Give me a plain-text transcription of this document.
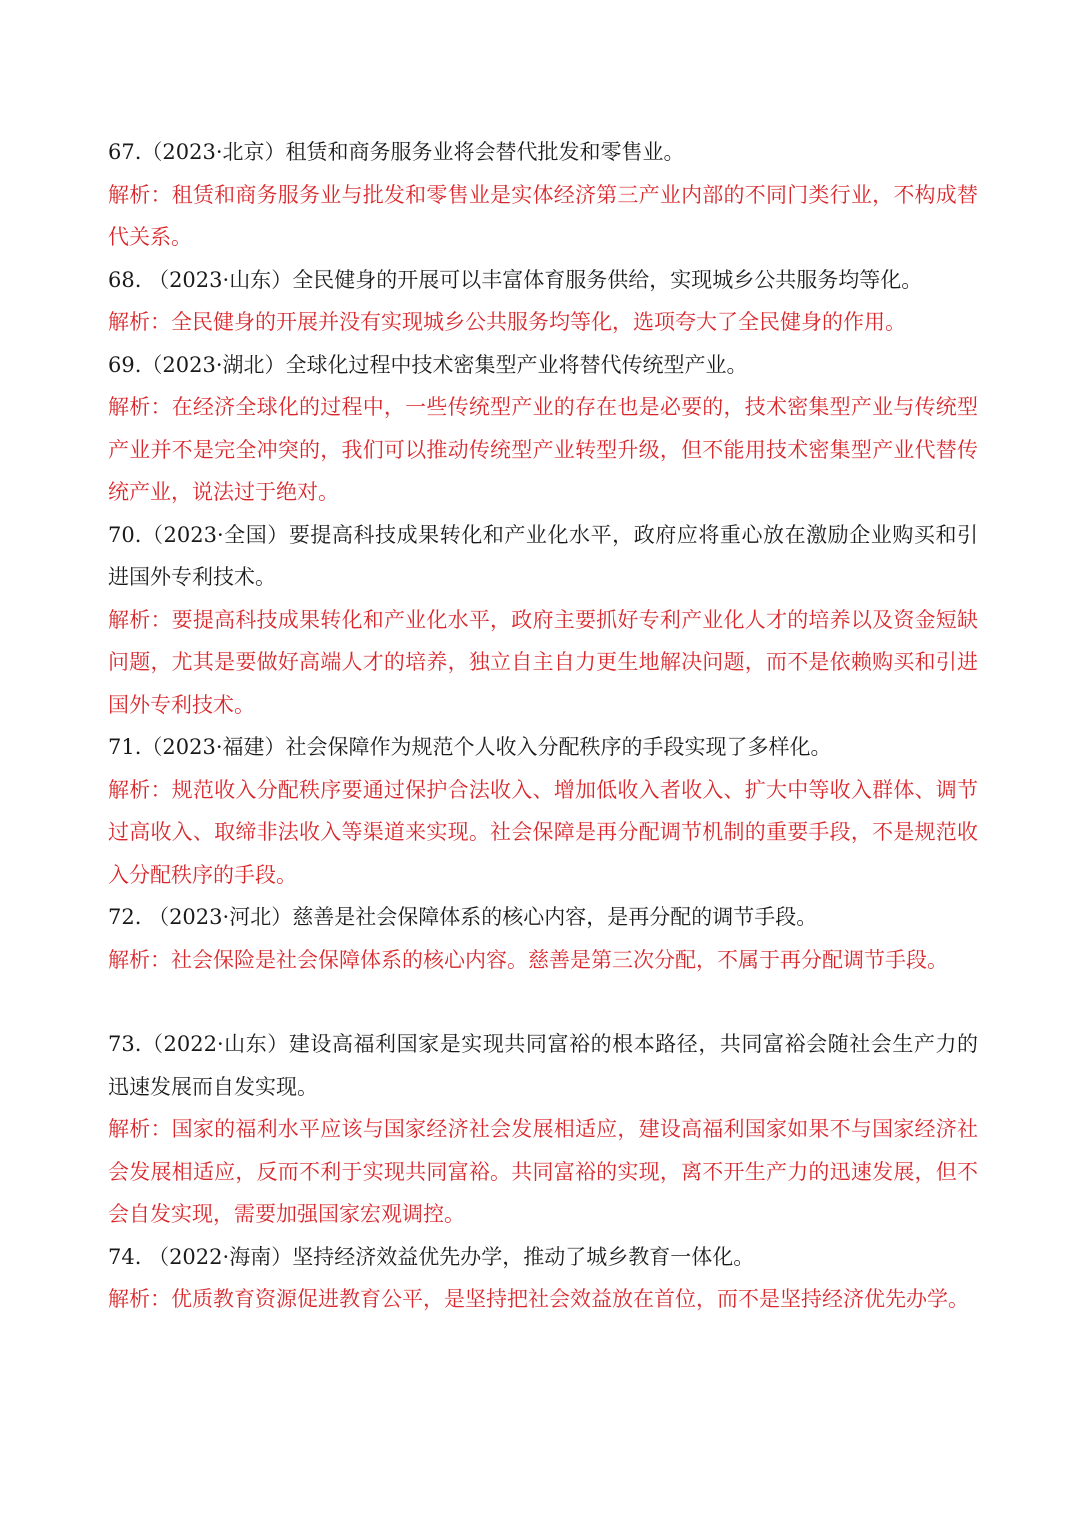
67.（2023·北京）租赁和商务服务业将会替代批发和零售业。

解析：租赁和商务服务业与批发和零售业是实体经济第三产业内部的不同门类行业，不构成替代关系。

68. （2023·山东）全民健身的开展可以丰富体育服务供给，实现城乡公共服务均等化。

解析：全民健身的开展并没有实现城乡公共服务均等化，选项夸大了全民健身的作用。

69.（2023·湖北）全球化过程中技术密集型产业将替代传统型产业。

解析：在经济全球化的过程中，一些传统型产业的存在也是必要的，技术密集型产业与传统型产业并不是完全冲突的，我们可以推动传统型产业转型升级，但不能用技术密集型产业代替传统产业，说法过于绝对。

70.（2023·全国）要提高科技成果转化和产业化水平，政府应将重心放在激励企业购买和引进国外专利技术。

解析：要提高科技成果转化和产业化水平，政府主要抓好专利产业化人才的培养以及资金短缺问题，尤其是要做好高端人才的培养，独立自主自力更生地解决问题，而不是依赖购买和引进国外专利技术。

71.（2023·福建）社会保障作为规范个人收入分配秩序的手段实现了多样化。

解析：规范收入分配秩序要通过保护合法收入、增加低收入者收入、扩大中等收入群体、调节过高收入、取缔非法收入等渠道来实现。社会保障是再分配调节机制的重要手段，不是规范收入分配秩序的手段。

72. （2023·河北）慈善是社会保障体系的核心内容，是再分配的调节手段。

解析：社会保险是社会保障体系的核心内容。慈善是第三次分配，不属于再分配调节手段。

73.（2022·山东）建设高福利国家是实现共同富裕的根本路径，共同富裕会随社会生产力的迅速发展而自发实现。

解析：国家的福利水平应该与国家经济社会发展相适应，建设高福利国家如果不与国家经济社会发展相适应，反而不利于实现共同富裕。共同富裕的实现，离不开生产力的迅速发展，但不会自发实现，需要加强国家宏观调控。

74. （2022·海南）坚持经济效益优先办学，推动了城乡教育一体化。

解析：优质教育资源促进教育公平，是坚持把社会效益放在首位，而不是坚持经济优先办学。
